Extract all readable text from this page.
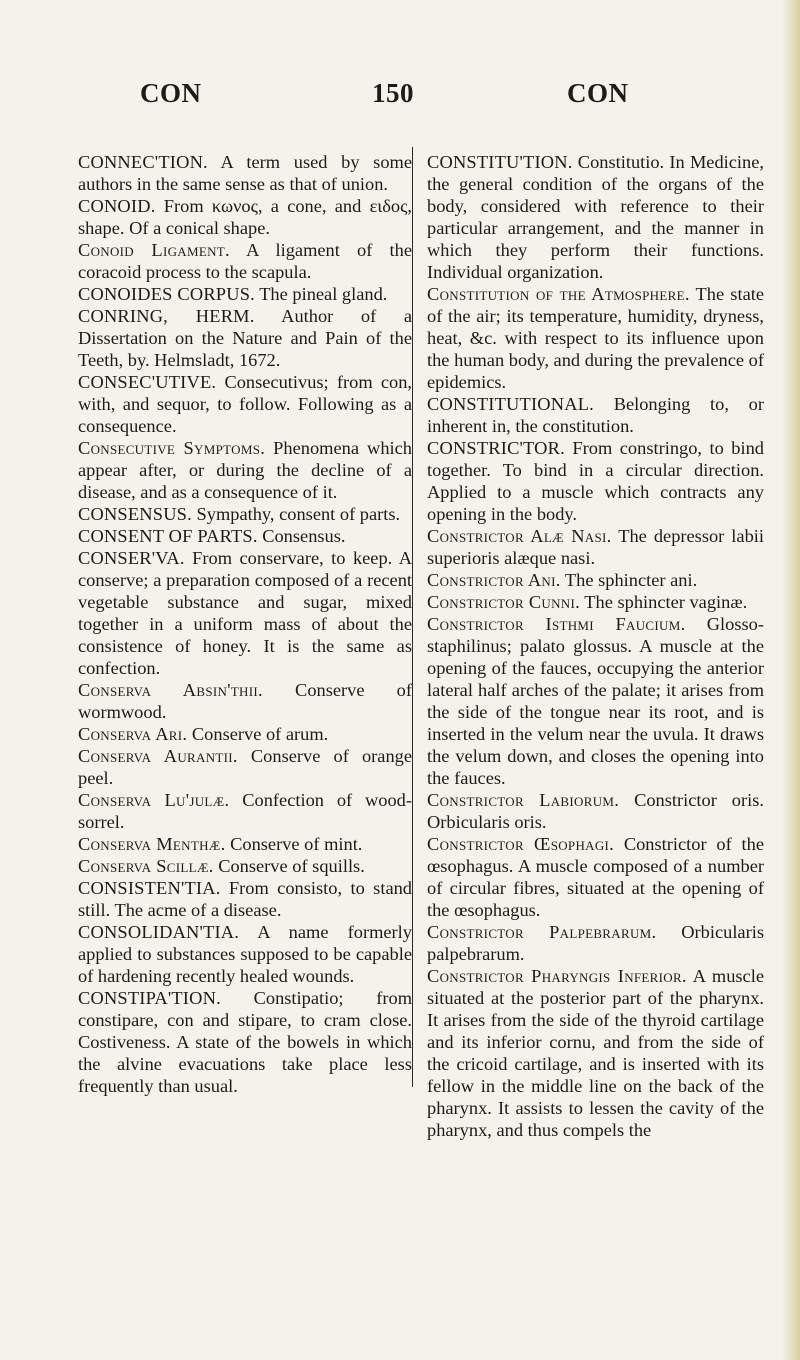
CON	150	CON

CONNEC'TION. A term used by some authors in the same sense as that of union.

CONOID. From κωνος, a cone, and ειδος, shape. Of a conical shape.

Conoid Ligament. A ligament of the coracoid process to the scapula.

CONOIDES CORPUS. The pineal gland.

CONRING, HERM. Author of a Dissertation on the Nature and Pain of the Teeth, by. Helmsladt, 1672.

CONSEC'UTIVE. Consecutivus; from con, with, and sequor, to follow. Following as a consequence.

Consecutive Symptoms. Phenomena which appear after, or during the decline of a disease, and as a consequence of it.

CONSENSUS. Sympathy, consent of parts.

CONSENT OF PARTS. Consensus.

CONSER'VA. From conservare, to keep. A conserve; a preparation composed of a recent vegetable substance and sugar, mixed together in a uniform mass of about the consistence of honey. It is the same as confection.

Conserva Absin'thii. Conserve of wormwood.

Conserva Ari. Conserve of arum.

Conserva Aurantii. Conserve of orange peel.

Conserva Lu'julæ. Confection of wood-sorrel.

Conserva Menthæ. Conserve of mint.

Conserva Scillæ. Conserve of squills.

CONSISTEN'TIA. From consisto, to stand still. The acme of a disease.

CONSOLIDAN'TIA. A name formerly applied to substances supposed to be capable of hardening recently healed wounds.

CONSTIPA'TION. Constipatio; from constipare, con and stipare, to cram close. Costiveness. A state of the bowels in which the alvine evacuations take place less frequently than usual.

CONSTITU'TION. Constitutio. In Medicine, the general condition of the organs of the body, considered with reference to their particular arrangement, and the manner in which they perform their functions. Individual organization.

Constitution of the Atmosphere. The state of the air; its temperature, humidity, dryness, heat, &c. with respect to its influence upon the human body, and during the prevalence of epidemics.

CONSTITUTIONAL. Belonging to, or inherent in, the constitution.

CONSTRIC'TOR. From constringo, to bind together. To bind in a circular direction. Applied to a muscle which contracts any opening in the body.

Constrictor Alæ Nasi. The depressor labii superioris alæque nasi.

Constrictor Ani. The sphincter ani.

Constrictor Cunni. The sphincter vaginæ.

Constrictor Isthmi Faucium. Glosso-staphilinus; palato glossus. A muscle at the opening of the fauces, occupying the anterior lateral half arches of the palate; it arises from the side of the tongue near its root, and is inserted in the velum near the uvula. It draws the velum down, and closes the opening into the fauces.

Constrictor Labiorum. Constrictor oris. Orbicularis oris.

Constrictor Œsophagi. Constrictor of the œsophagus. A muscle composed of a number of circular fibres, situated at the opening of the œsophagus.

Constrictor Palpebrarum. Orbicularis palpebrarum.

Constrictor Pharyngis Inferior. A muscle situated at the posterior part of the pharynx. It arises from the side of the thyroid cartilage and its inferior cornu, and from the side of the cricoid cartilage, and is inserted with its fellow in the middle line on the back of the pharynx. It assists to lessen the cavity of the pharynx, and thus compels the
